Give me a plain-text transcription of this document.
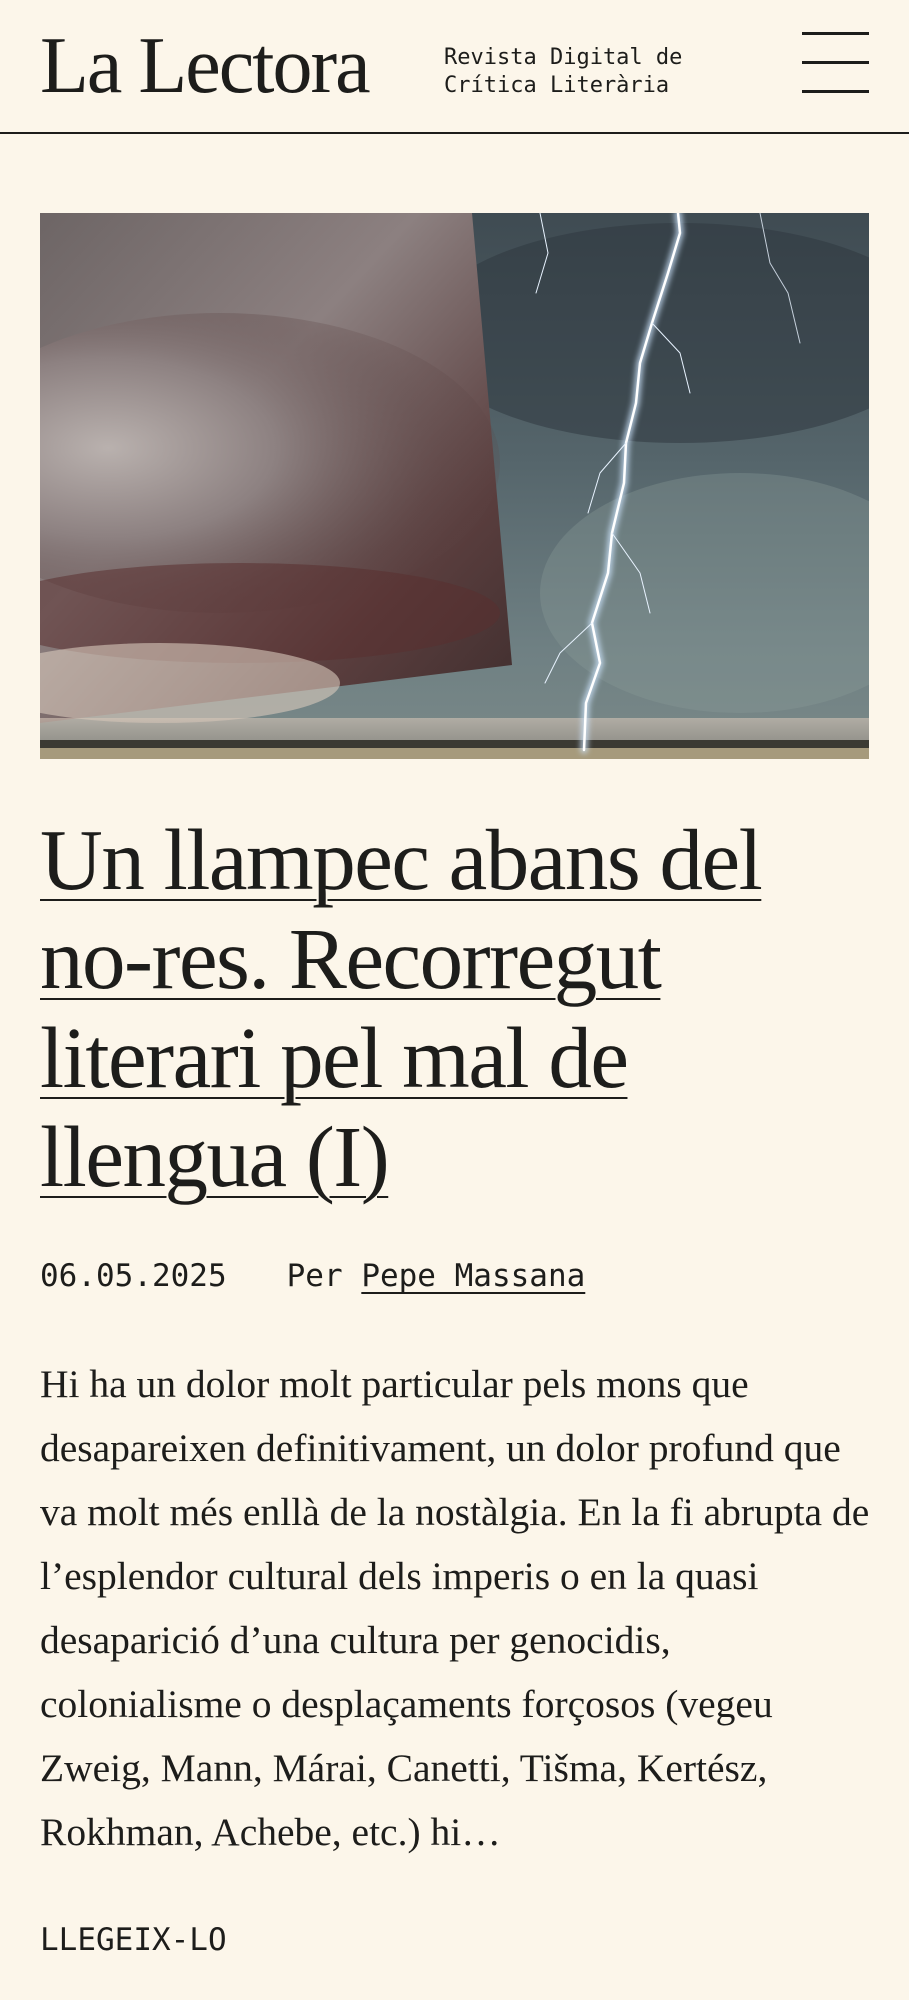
La Lectora	Revista Digital de
Crítica Literària
Un llampec abans del no-res. Recorregut literari pel mal de llengua (I)
06.05.2025 Per Pepe Massana

Hi ha un dolor molt particular pels mons que desapareixen definitivament, un dolor profund que va molt més enllà de la nostàlgia. En la fi abrupta de l’esplendor cultural dels imperis o en la quasi desaparició d’una cultura per genocidis, colonialisme o desplaçaments forçosos (vegeu Zweig, Mann, Márai, Canetti, Tišma, Kertész, Rokhman, Achebe, etc.) hi…

LLEGEIX-LO
